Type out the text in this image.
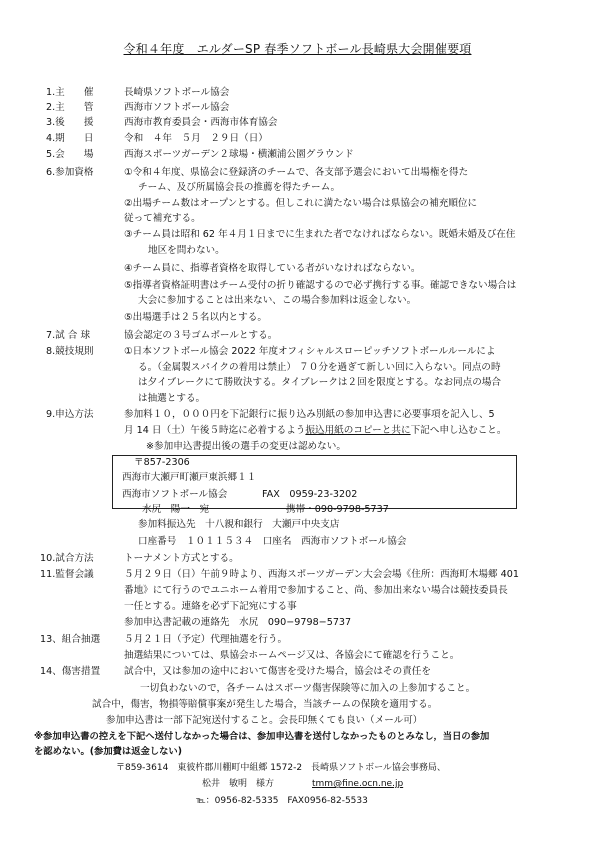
令和４年度　エルダーSP 春季ソフトボール長崎県大会開催要項
1.主　　催	長崎県ソフトボール協会
2.主　　管	西海市ソフトボール協会
3.後　　援	西海市教育委員会・西海市体育協会
4.期　　日	令和　４年　５月　２９日（日）
5.会　　場	西海スポーツガーデン２球場・横瀬浦公園グラウンド
6.参加資格	①令和４年度、県協会に登録済のチームで、各支部予選会において出場権を得た
チーム、及び所属協会長の推薦を得たチーム。
②出場チーム数はオープンとする。但しこれに満たない場合は県協会の補充順位に
従って補充する。
③チーム員は昭和 62 年４月１日までに生まれた者でなければならない。既婚未婚及び在住
地区を問わない。
④チーム員に、指導者資格を取得している者がいなければならない。
⑤指導者資格証明書はチーム受付の折り確認するので必ず携行する事。確認できない場合は
大会に参加することは出来ない、この場合参加料は返金しない。
⑤出場選手は２５名以内とする。
7.試 合 球	協会認定の３号ゴムボールとする。
8.競技規則	①日本ソフトボール協会 2022 年度オフィシャルスローピッチソフトボールルールによ
る。（金属製スパイクの着用は禁止） ７０分を過ぎて新しい回に入らない。同点の時
は夕イブレークにて勝敗決する。タイブレークは２回を限度とする。なお同点の場合
は抽選とする。
9.申込方法	参加料１０，０００円を下記銀行に振り込み別紙の参加申込書に必要事項を記入し、5
月 14 日（土）午後５時迄に必着するよう振込用紙のコピーと共に下記へ申し込むこと。
※参加申込書提出後の選手の変更は認めない。
〒857-2306
西海市大瀬戸町瀬戸東浜郷１１
西海市ソフトボール協会	FAX　0959-23-3202
水尻　陽一　宛	携帯・090-9798-5737
参加料振込先　十八親和銀行　大瀬戸中央支店
口座番号　１０１１５３４　口座名　西海市ソフトボール協会
10.試合方法	トーナメント方式とする。
11.監督会議	５月２９日（日）午前９時より、西海スポーツガーデン大会会場《住所：西海町木場郷 401
番地》にて行うのでユニホーム着用で参加すること、尚、参加出来ない場合は競技委員長
一任とする。連絡を必ず下記宛にする事
参加申込書記載の連絡先　水尻　090−9798−5737
13、組合抽選 ５月２１日（予定）代理抽選を行う。
抽選結果については、県協会ホームページ又は、各協会にて確認を行うこと。
14、傷害措置 試合中，又は参加の途中において傷害を受けた場合，協会はその責任を
一切負わないので，各チームはスポーツ傷害保険等に加入の上参加すること。
試合中，傷害，物損等賠償事案が発生した場合，当該チームの保険を適用する。
参加申込書は一部下記宛送付すること。会長印無くても良い（メール可）
※参加申込書の控えを下記へ送付しなかった場合は、参加申込書を送付しなかったものとみなし，当日の参加
を認めない。(参加費は返金しない)
〒859-3614　東彼杵郡川棚町中組郷 1572-2　長崎県ソフトボール協会事務局、
松井　敏明　様方	tmm@fine.ocn.ne.jp
℡：0956-82-5335　FAX0956-82-5533
